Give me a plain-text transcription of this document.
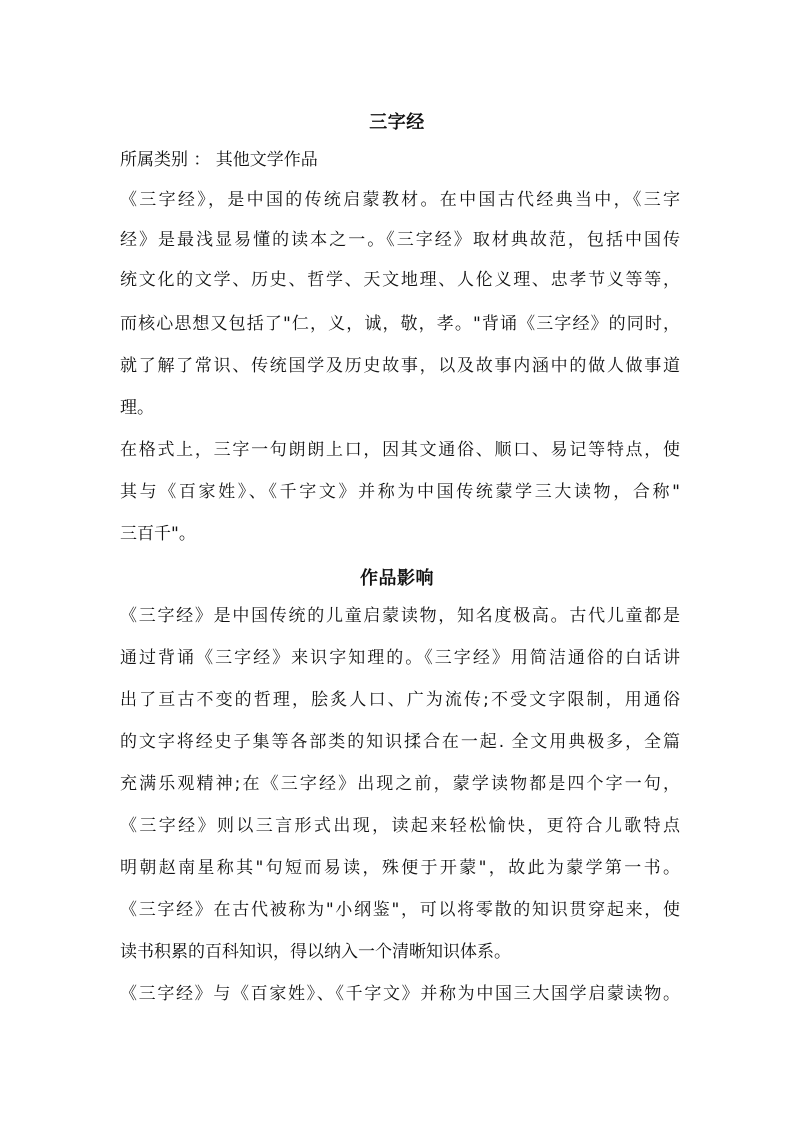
三字经
所属类别 ： 其他文学作品
《三字经》，是中国的传统启蒙教材。在中国古代经典当中，《三字
经》是最浅显易懂的读本之一。《三字经》取材典故范，包括中国传
统文化的文学、历史、哲学、天文地理、人伦义理、忠孝节义等等，
而核心思想又包括了"仁，义，诚，敬，孝。"背诵《三字经》的同时，
就了解了常识、传统国学及历史故事，以及故事内涵中的做人做事道
理。
在格式上，三字一句朗朗上口，因其文通俗、顺口、易记等特点，使
其与《百家姓》、《千字文》并称为中国传统蒙学三大读物，合称"
三百千"。
作品影响
《三字经》是中国传统的儿童启蒙读物，知名度极高。古代儿童都是
通过背诵《三字经》来识字知理的。《三字经》用简洁通俗的白话讲
出了亘古不变的哲理，脍炙人口、广为流传;不受文字限制，用通俗
的文字将经史子集等各部类的知识揉合在一起. 全文用典极多，全篇
充满乐观精神;在《三字经》出现之前，蒙学读物都是四个字一句，
《三字经》则以三言形式出现，读起来轻松愉快，更符合儿歌特点
明朝赵南星称其"句短而易读，殊便于开蒙"，故此为蒙学第一书。
《三字经》在古代被称为"小纲鉴"，可以将零散的知识贯穿起来，使
读书积累的百科知识，得以纳入一个清晰知识体系。
《三字经》与《百家姓》、《千字文》并称为中国三大国学启蒙读物。
